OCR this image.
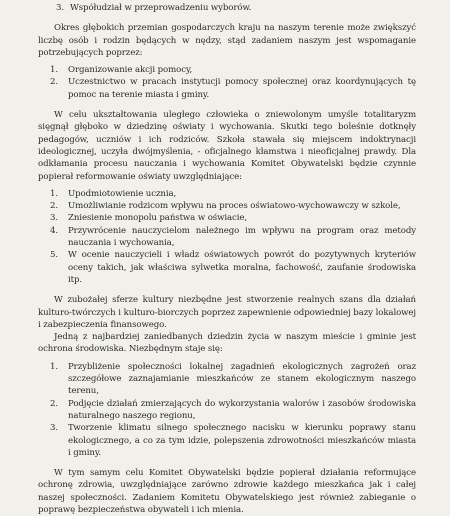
3. Współudział w przeprowadzeniu wyborów.

Okres głębokich przemian gospodarczych kraju na naszym terenie może zwiększyć liczbę osób i rodzin będących w nędzy, stąd zadaniem naszym jest wspomaganie potrzebujących poprzez:

1.	Organizowanie akcji pomocy,
2.	Uczestnictwo w pracach instytucji pomocy społecznej oraz koordynujących tę pomoc na terenie miasta i gminy.

W celu ukształtowania uległego człowieka o zniewolonym umyśle totalitaryzm sięgnął głęboko w dziedzinę oświaty i wychowania. Skutki tego boleśnie dotknęły pedagogów, uczniów i ich rodziców. Szkoła stawała się miejscem indoktrynacji ideologicznej, uczyła dwójmyślenia, - oficjalnego kłamstwa i nieoficjalnej prawdy. Dla odkłamania procesu nauczania i wychowania Komitet Obywatelski będzie czynnie popierał reformowanie oświaty uwzględniające:

1.	Upodmiotowienie ucznia,
2.	Umożliwianie rodzicom wpływu na proces oświatowo-wychowawczy w szkole,
3.	Zniesienie monopolu państwa w oświacie,
4.	Przywrócenie nauczycielom należnego im wpływu na program oraz metody nauczania i wychowania,
5.	W ocenie nauczycieli i władz oświatowych powrót do pozytywnych kryteriów oceny takich, jak właściwa sylwetka moralna, fachowość, zaufanie środowiska itp.

W zubożałej sferze kultury niezbędne jest stworzenie realnych szans dla działań kulturo-twórczych i kulturo-biorczych poprzez zapewnienie odpowiedniej bazy lokalowej i zabezpieczenia finansowego.

Jedną z najbardziej zaniedbanych dziedzin życia w naszym mieście i gminie jest ochrona środowiska. Niezbędnym staje się:

1.	Przybliżenie społeczności lokalnej zagadnień ekologicznych zagrożeń oraz szczegółowe zaznajamianie mieszkańców ze stanem ekologicznym naszego terenu,
2.	Podjęcie działań zmierzających do wykorzystania walorów i zasobów środowiska naturalnego naszego regionu,
3.	Tworzenie klimatu silnego społecznego nacisku w kierunku poprawy stanu ekologicznego, a co za tym idzie, polepszenia zdrowotności mieszkańców miasta i gminy.

W tym samym celu Komitet Obywatelski będzie popierał działania reformujące ochronę zdrowia, uwzględniające zarówno zdrowie każdego mieszkańca jak i całej naszej społeczności. Zadaniem Komitetu Obywatelskiego jest również zabieganie o poprawę bezpieczeństwa obywateli i ich mienia.
